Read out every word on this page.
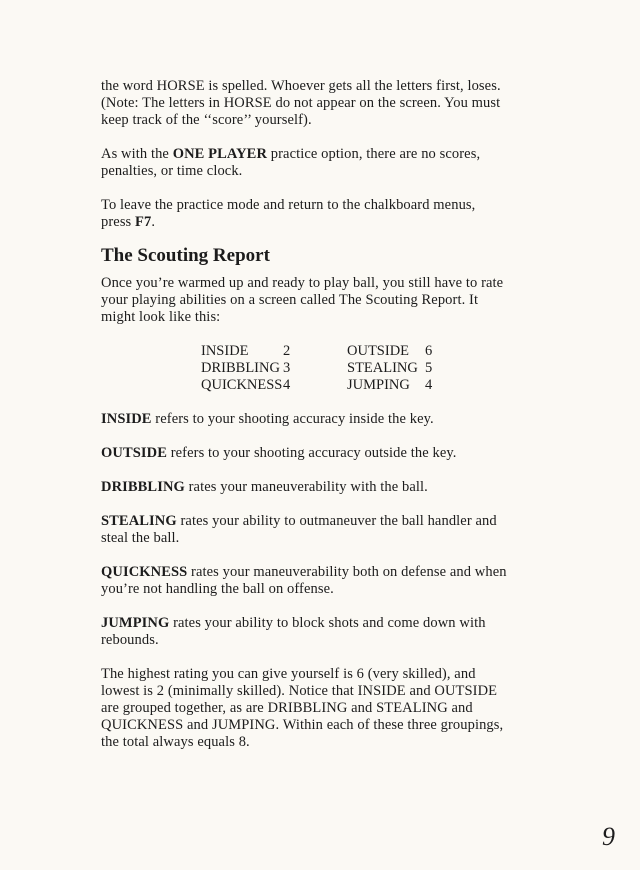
the word HORSE is spelled. Whoever gets all the letters first, loses.
(Note: The letters in HORSE do not appear on the screen. You must
keep track of the ‘‘score’’ yourself).

As with the ONE PLAYER practice option, there are no scores,
penalties, or time clock.

To leave the practice mode and return to the chalkboard menus,
press F7.

The Scouting Report

Once you’re warmed up and ready to play ball, you still have to rate
your playing abilities on a screen called The Scouting Report. It
might look like this:

INSIDE	2	OUTSIDE	6
DRIBBLING 3	STEALING 5
QUICKNESS 4	JUMPING	4

INSIDE refers to your shooting accuracy inside the key.

OUTSIDE refers to your shooting accuracy outside the key.

DRIBBLING rates your maneuverability with the ball.

STEALING rates your ability to outmaneuver the ball handler and
steal the ball.

QUICKNESS rates your maneuverability both on defense and when
you’re not handling the ball on offense.

JUMPING rates your ability to block shots and come down with
rebounds.

The highest rating you can give yourself is 6 (very skilled), and
lowest is 2 (minimally skilled). Notice that INSIDE and OUTSIDE
are grouped together, as are DRIBBLING and STEALING and
QUICKNESS and JUMPING. Within each of these three groupings,
the total always equals 8.

9
